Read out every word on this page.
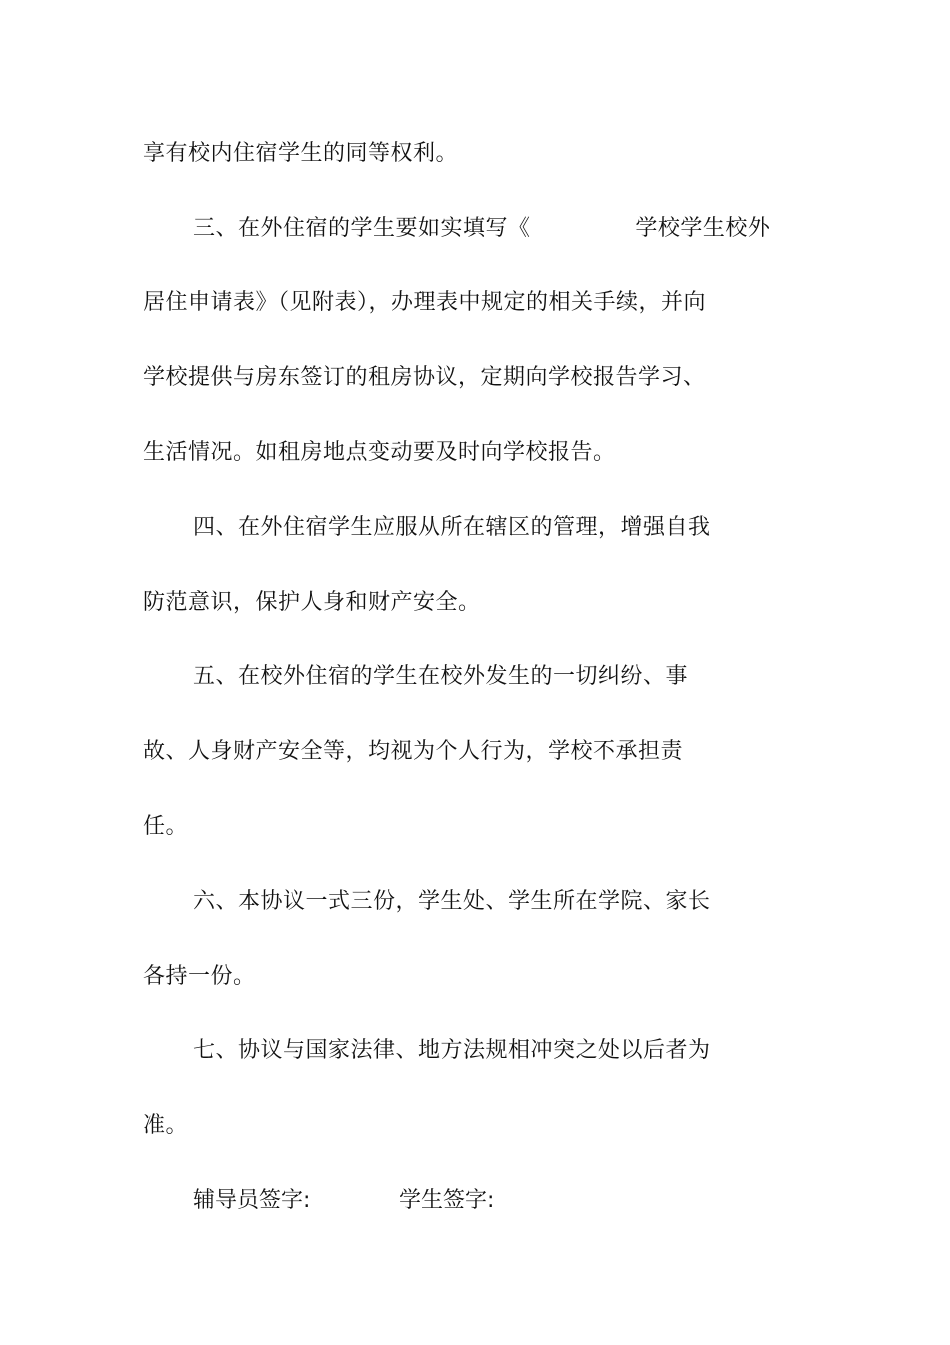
享有校内住宿学生的同等权利。
三、在外住宿的学生要如实填写《              学校学生校外
居住申请表》（见附表），办理表中规定的相关手续，并向
学校提供与房东签订的租房协议，定期向学校报告学习、
生活情况。如租房地点变动要及时向学校报告。
四、在外住宿学生应服从所在辖区的管理，增强自我
防范意识，保护人身和财产安全。
五、在校外住宿的学生在校外发生的一切纠纷、事
故、人身财产安全等，均视为个人行为，学校不承担责
任。
六、本协议一式三份，学生处、学生所在学院、家长
各持一份。
七、协议与国家法律、地方法规相冲突之处以后者为
准。
辅导员签字:	学生签字:
